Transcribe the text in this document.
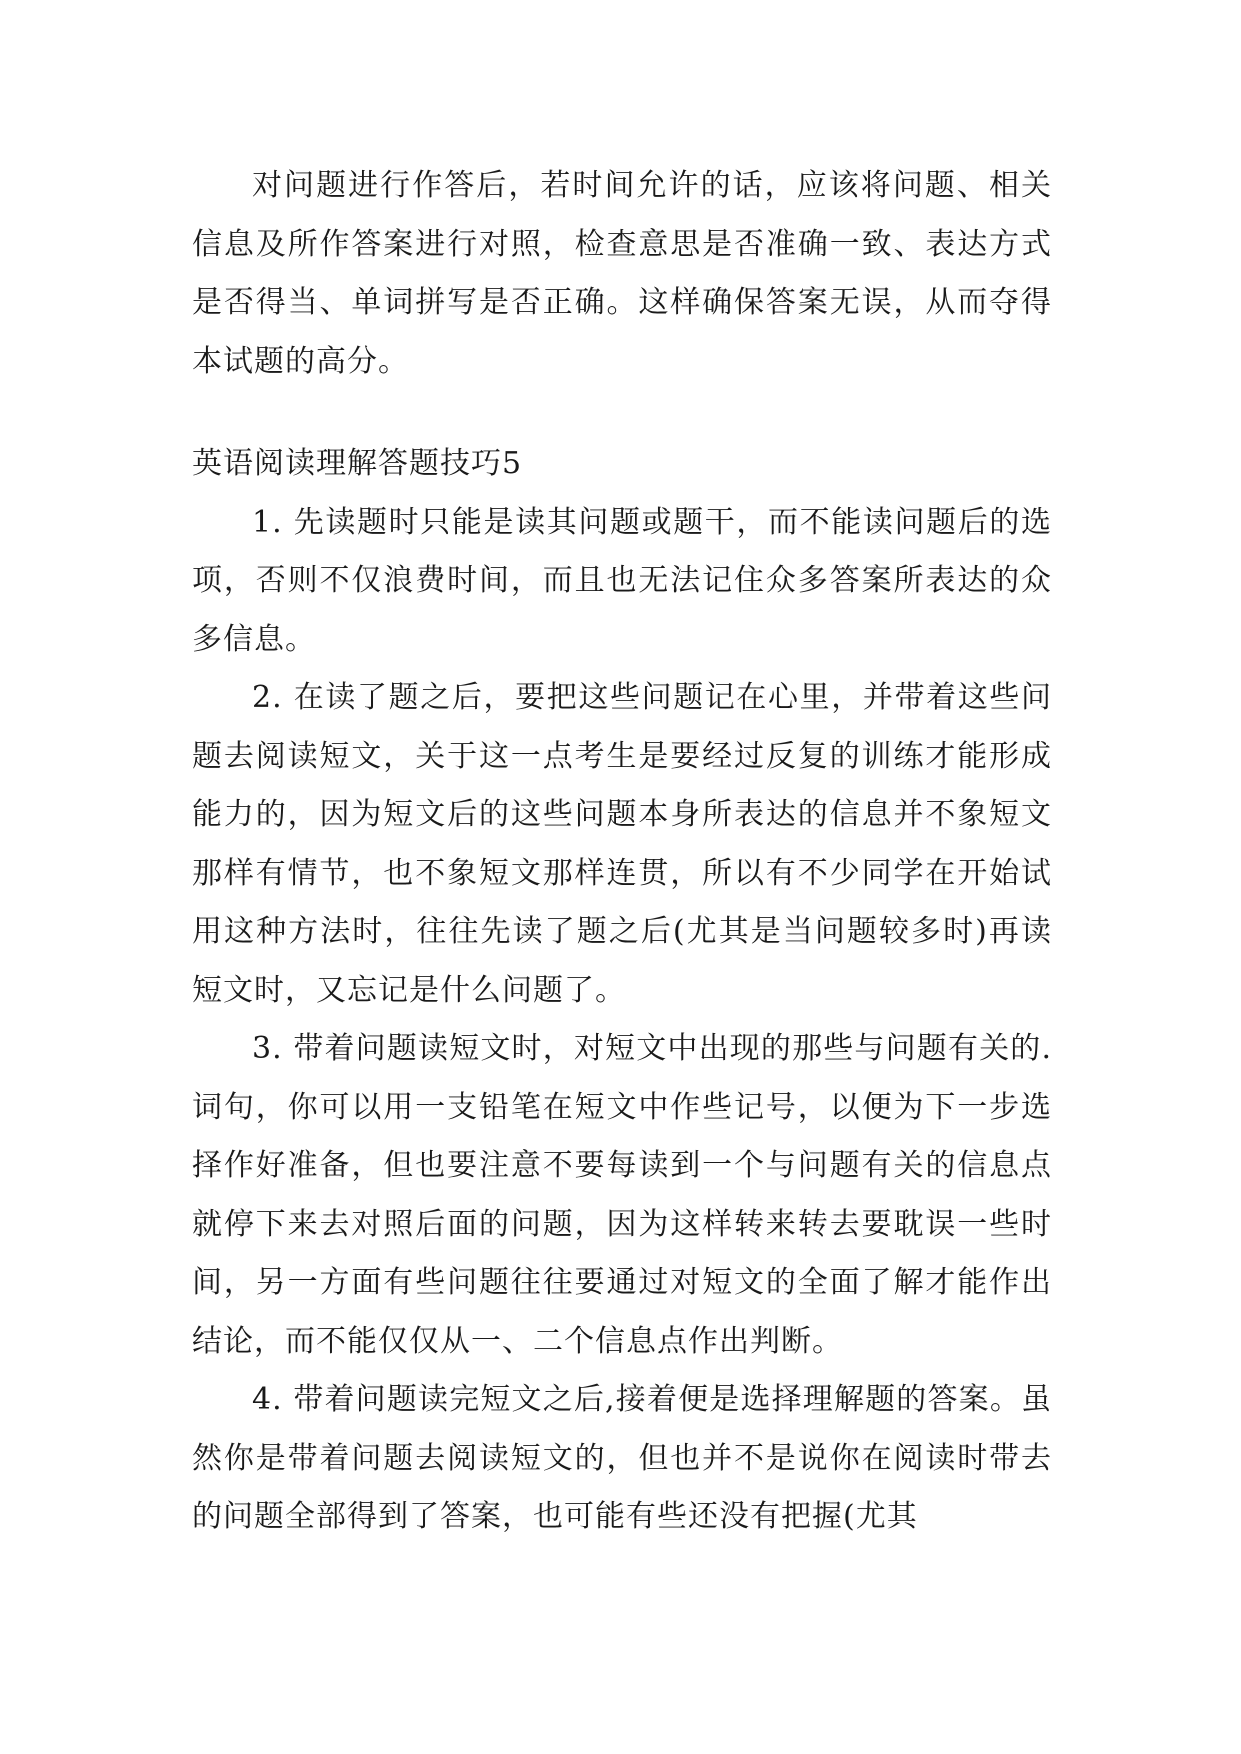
对问题进行作答后，若时间允许的话，应该将问题、相关信息及所作答案进行对照，检查意思是否准确一致、表达方式是否得当、单词拼写是否正确。这样确保答案无误，从而夺得本试题的高分。

英语阅读理解答题技巧5

1. 先读题时只能是读其问题或题干，而不能读问题后的选项，否则不仅浪费时间，而且也无法记住众多答案所表达的众多信息。

2. 在读了题之后，要把这些问题记在心里，并带着这些问题去阅读短文，关于这一点考生是要经过反复的训练才能形成能力的，因为短文后的这些问题本身所表达的信息并不象短文那样有情节，也不象短文那样连贯，所以有不少同学在开始试用这种方法时，往往先读了题之后(尤其是当问题较多时)再读短文时，又忘记是什么问题了。

3. 带着问题读短文时，对短文中出现的那些与问题有关的. 词句，你可以用一支铅笔在短文中作些记号，以便为下一步选择作好准备，但也要注意不要每读到一个与问题有关的信息点就停下来去对照后面的问题，因为这样转来转去要耽误一些时间，另一方面有些问题往往要通过对短文的全面了解才能作出结论，而不能仅仅从一、二个信息点作出判断。

4. 带着问题读完短文之后,接着便是选择理解题的答案。虽然你是带着问题去阅读短文的，但也并不是说你在阅读时带去的问题全部得到了答案，也可能有些还没有把握(尤其
